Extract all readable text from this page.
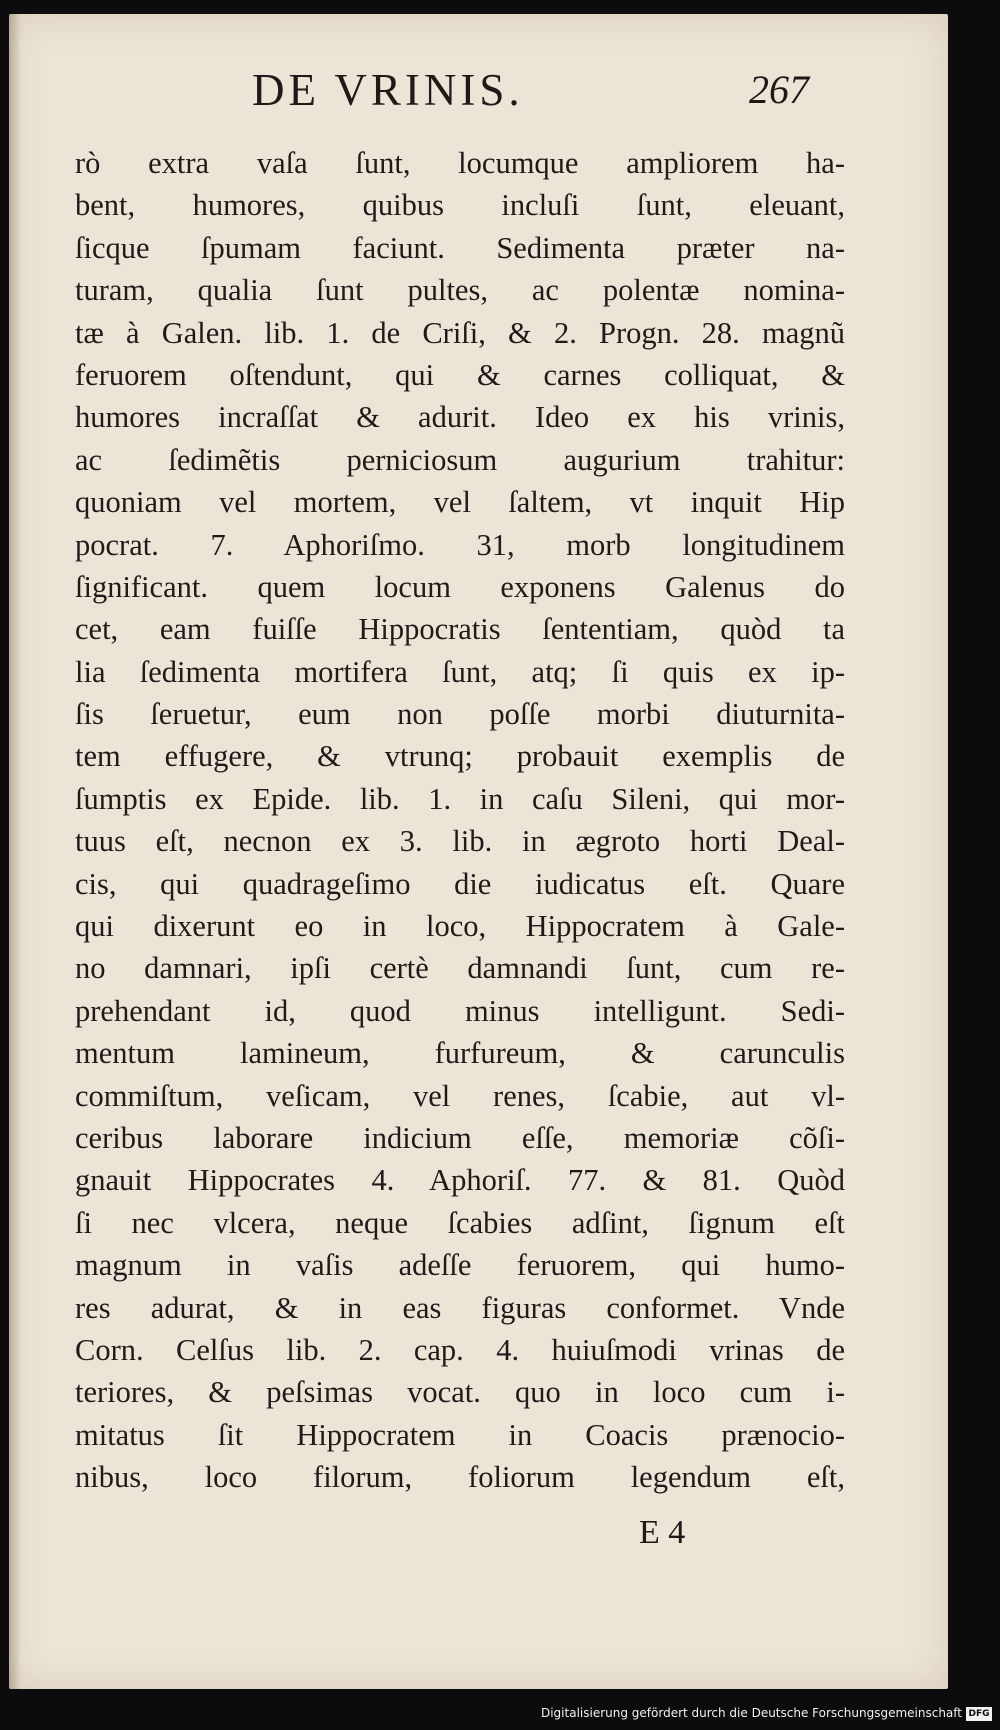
DE VRINIS.	267
rò extra vaſa ſunt, locumque ampliorem ha-
bent, humores, quibus incluſi ſunt, eleuant,
ſicque ſpumam faciunt. Sedimenta præter na-
turam, qualia ſunt pultes, ac polentæ nomina-
tæ à Galen. lib. 1. de Criſi, & 2. Progn. 28. magnũ
feruorem oſtendunt, qui & carnes colliquat, &
humores incraſſat & adurit. Ideo ex his vrinis,
ac ſedimẽtis perniciosum augurium trahitur:
quoniam vel mortem, vel ſaltem, vt inquit Hip
pocrat. 7. Aphoriſmo. 31, morb longitudinem
ſignificant. quem locum exponens Galenus do
cet, eam fuiſſe Hippocratis ſententiam, quòd ta
lia ſedimenta mortifera ſunt, atq; ſi quis ex ip-
ſis ſeruetur, eum non poſſe morbi diuturnita-
tem effugere, & vtrunq; probauit exemplis de
ſumptis ex Epide. lib. 1. in caſu Sileni, qui mor-
tuus eſt, necnon ex 3. lib. in ægroto horti Deal-
cis, qui quadrageſimo die iudicatus eſt. Quare
qui dixerunt eo in loco, Hippocratem à Gale-
no damnari, ipſi certè damnandi ſunt, cum re-
prehendant id, quod minus intelligunt. Sedi-
mentum lamineum, furfureum, & carunculis
commiſtum, veſicam, vel renes, ſcabie, aut vl-
ceribus laborare indicium eſſe, memoriæ cõſi-
gnauit Hippocrates 4. Aphoriſ. 77. & 81. Quòd
ſi nec vlcera, neque ſcabies adſint, ſignum eſt
magnum in vaſis adeſſe feruorem, qui humo-
res adurat, & in eas figuras conformet. Vnde
Corn. Celſus lib. 2. cap. 4. huiuſmodi vrinas de
teriores, & peſsimas vocat. quo in loco cum i-
mitatus ſit Hippocratem in Coacis prænocio-
nibus, loco filorum, foliorum legendum eſt,
E 4
Digitalisierung gefördert durch die Deutsche Forschungsgemeinschaft DFG
